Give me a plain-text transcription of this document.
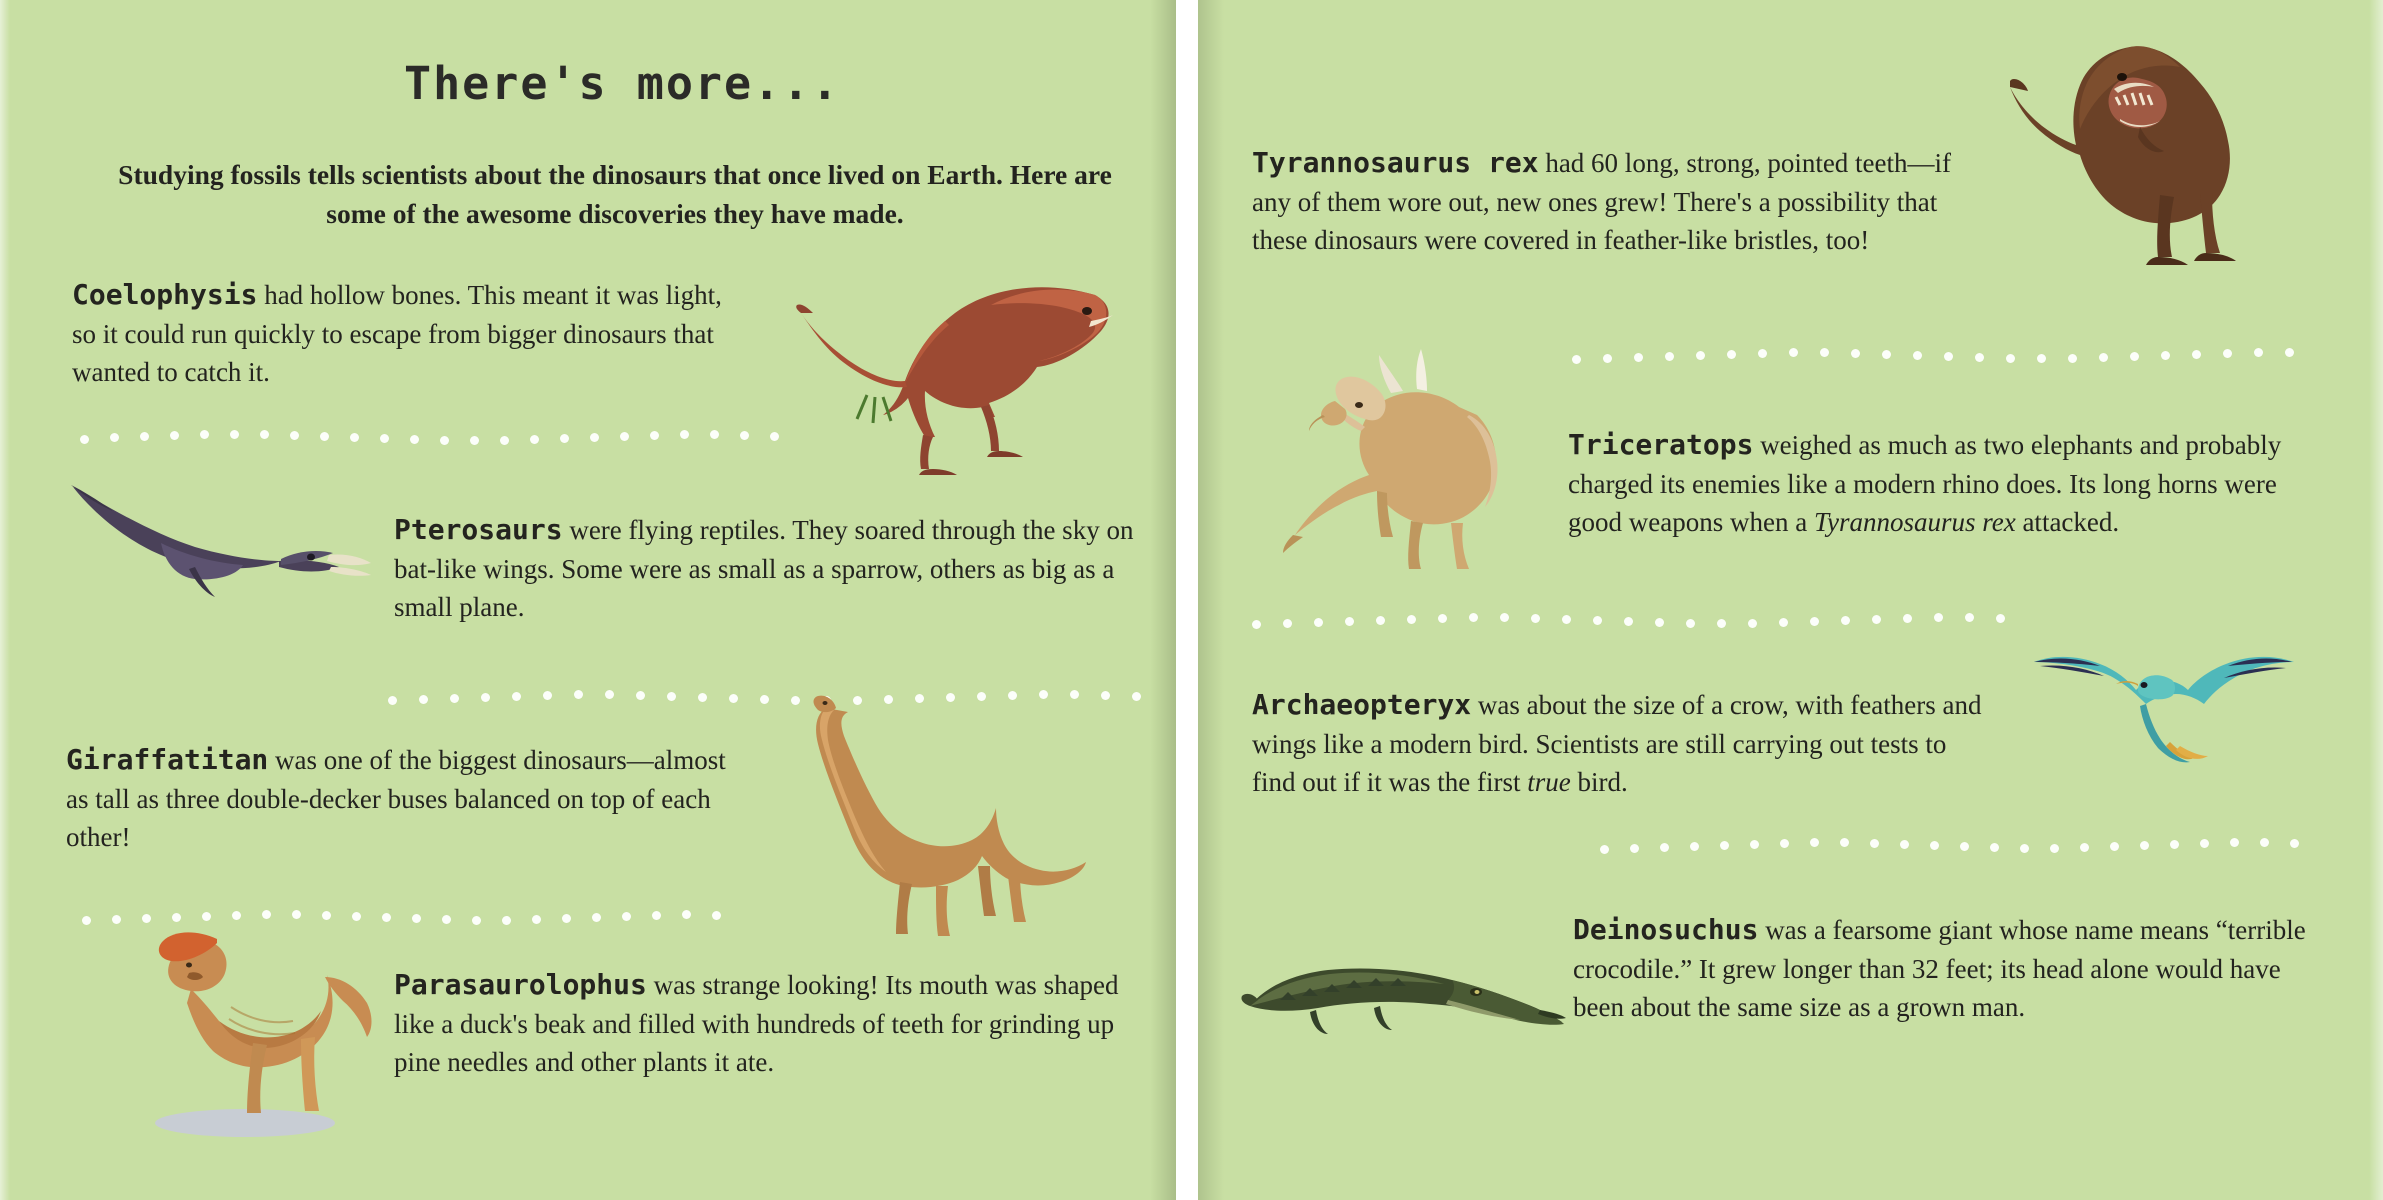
There's more...
Studying fossils tells scientists about the dinosaurs that once lived on Earth. Here are some of the awesome discoveries they have made.
Coelophysis had hollow bones. This meant it was light, so it could run quickly to escape from bigger dinosaurs that wanted to catch it.
Pterosaurs were flying reptiles. They soared through the sky on bat-like wings. Some were as small as a sparrow, others as big as a small plane.
Giraffatitan was one of the biggest dinosaurs—almost as tall as three double-decker buses balanced on top of each other!
Parasaurolophus was strange looking! Its mouth was shaped like a duck's beak and filled with hundreds of teeth for grinding up pine needles and other plants it ate.
Tyrannosaurus rex had 60 long, strong, pointed teeth—if any of them wore out, new ones grew! There's a possibility that these dinosaurs were covered in feather-like bristles, too!
Triceratops weighed as much as two elephants and probably charged its enemies like a modern rhino does. Its long horns were good weapons when a Tyrannosaurus rex attacked.
Archaeopteryx was about the size of a crow, with feathers and wings like a modern bird. Scientists are still carrying out tests to find out if it was the first true bird.
Deinosuchus was a fearsome giant whose name means “terrible crocodile.” It grew longer than 32 feet; its head alone would have been about the same size as a grown man.
